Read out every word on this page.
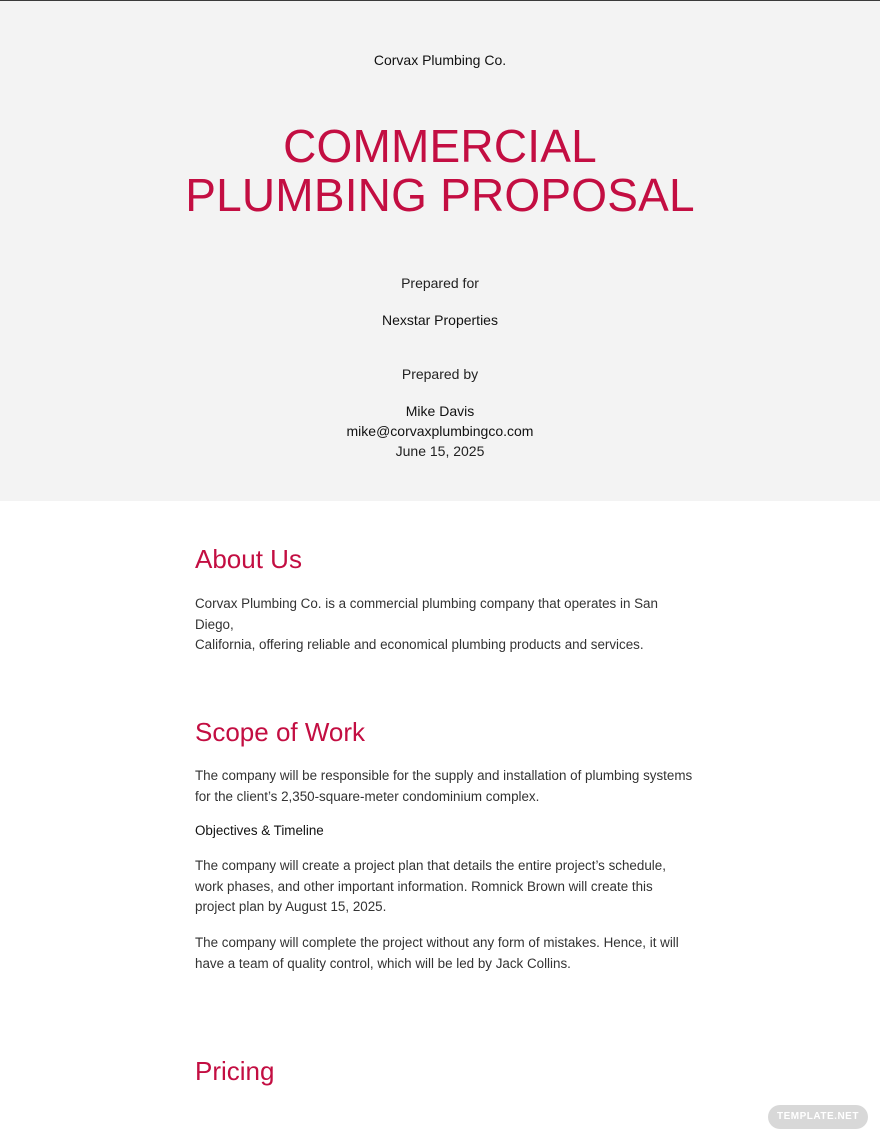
Corvax Plumbing Co.
COMMERCIAL
PLUMBING PROPOSAL
Prepared for
Nexstar Properties
Prepared by
Mike Davis
mike@corvaxplumbingco.com
June 15, 2025
About Us

Corvax Plumbing Co. is a commercial plumbing company that operates in San Diego,
California, offering reliable and economical plumbing products and services.

Scope of Work

The company will be responsible for the supply and installation of plumbing systems
for the client’s 2,350-square-meter condominium complex.

Objectives & Timeline

The company will create a project plan that details the entire project’s schedule,
work phases, and other important information. Romnick Brown will create this
project plan by August 15, 2025.

The company will complete the project without any form of mistakes. Hence, it will
have a team of quality control, which will be led by Jack Collins.

Pricing
TEMPLATE.NET
